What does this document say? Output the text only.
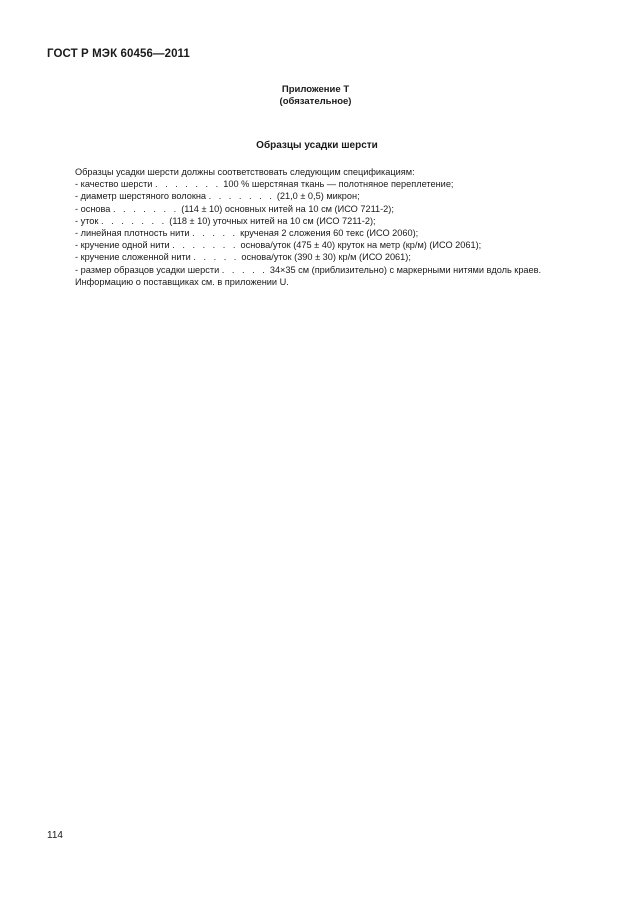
ГОСТ Р МЭК 60456—2011
Приложение Т
(обязательное)
Образцы усадки шерсти
Образцы усадки шерсти должны соответствовать следующим спецификациям:
- качество шерсти . . . . . . . 100 % шерстяная ткань — полотняное переплетение;
- диаметр шерстяного волокна . . . . . . . (21,0 ± 0,5) микрон;
- основа . . . . . . . (114 ± 10) основных нитей на 10 см (ИСО 7211-2);
- уток . . . . . . . (118 ± 10) уточных нитей на 10 см (ИСО 7211-2);
- линейная плотность нити . . . . . крученая 2 сложения 60 текс (ИСО 2060);
- кручение одной нити . . . . . . . основа/уток (475 ± 40) круток на метр (кр/м) (ИСО 2061);
- кручение сложенной нити . . . . . основа/уток (390 ± 30) кр/м (ИСО 2061);
- размер образцов усадки шерсти . . . . . 34×35 см (приблизительно) с маркерными нитями вдоль краев.
Информацию о поставщиках см. в приложении U.
114
